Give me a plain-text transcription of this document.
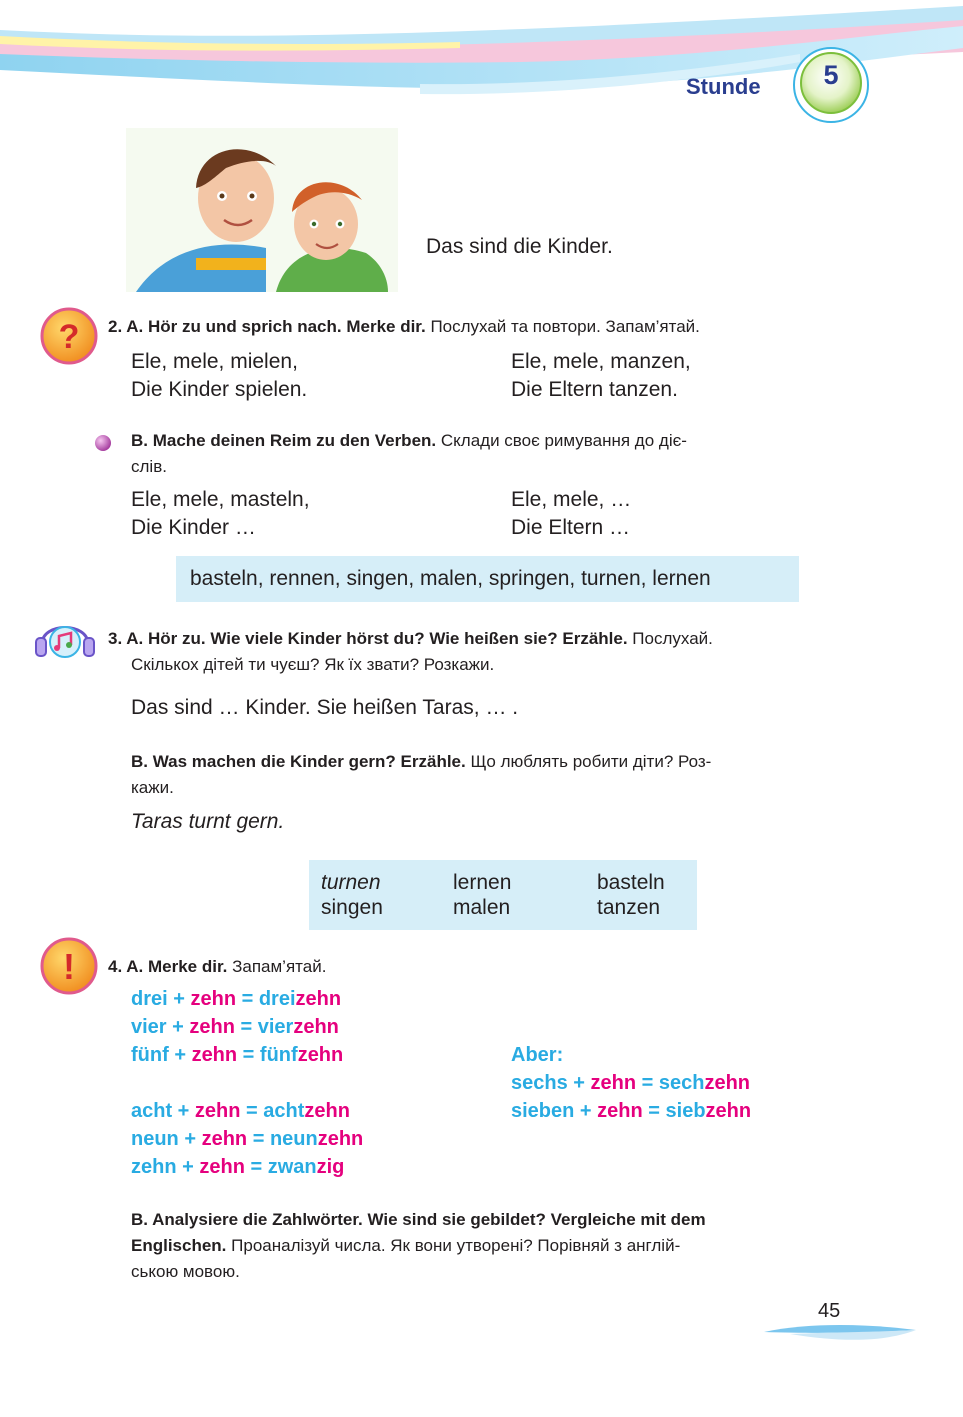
Stunde	5
Das sind die Kinder.
? 2. A. Hör zu und sprich nach. Merke dir. Послухай та повтори. Запам’ятай.
Ele, mele, mielen,
Die Kinder spielen.
Ele, mele, manzen,
Die Eltern tanzen.
B. Mache deinen Reim zu den Verben. Склади своє римування до діє-
слів.
Ele, mele, masteln,
Die Kinder …
Ele, mele, …
Die Eltern …
basteln, rennen, singen, malen, springen, turnen, lernen
3. A. Hör zu. Wie viele Kinder hörst du? Wie heißen sie? Erzähle. Послухай.
Скількох дітей ти чуєш? Як їх звати? Розкажи.
Das sind … Kinder. Sie heißen Taras, … .
B. Was machen die Kinder gern? Erzähle. Що люблять робити діти? Роз-
кажи.
Taras turnt gern.
turnen
singen
lernen
malen
basteln
tanzen
! 4. A. Merke dir. Запам’ятай.
drei + zehn = dreizehn
vier + zehn = vierzehn
fünf + zehn = fünfzehn
acht + zehn = achtzehn
neun + zehn = neunzehn
zehn + zehn = zwanzig
Aber:
sechs + zehn = sechzehn
sieben + zehn = siebzehn
B. Analysiere die Zahlwörter. Wie sind sie gebildet? Vergleiche mit dem
Englischen. Проаналізуй числа. Як вони утворені? Порівняй з англій-
ською мовою.
45
